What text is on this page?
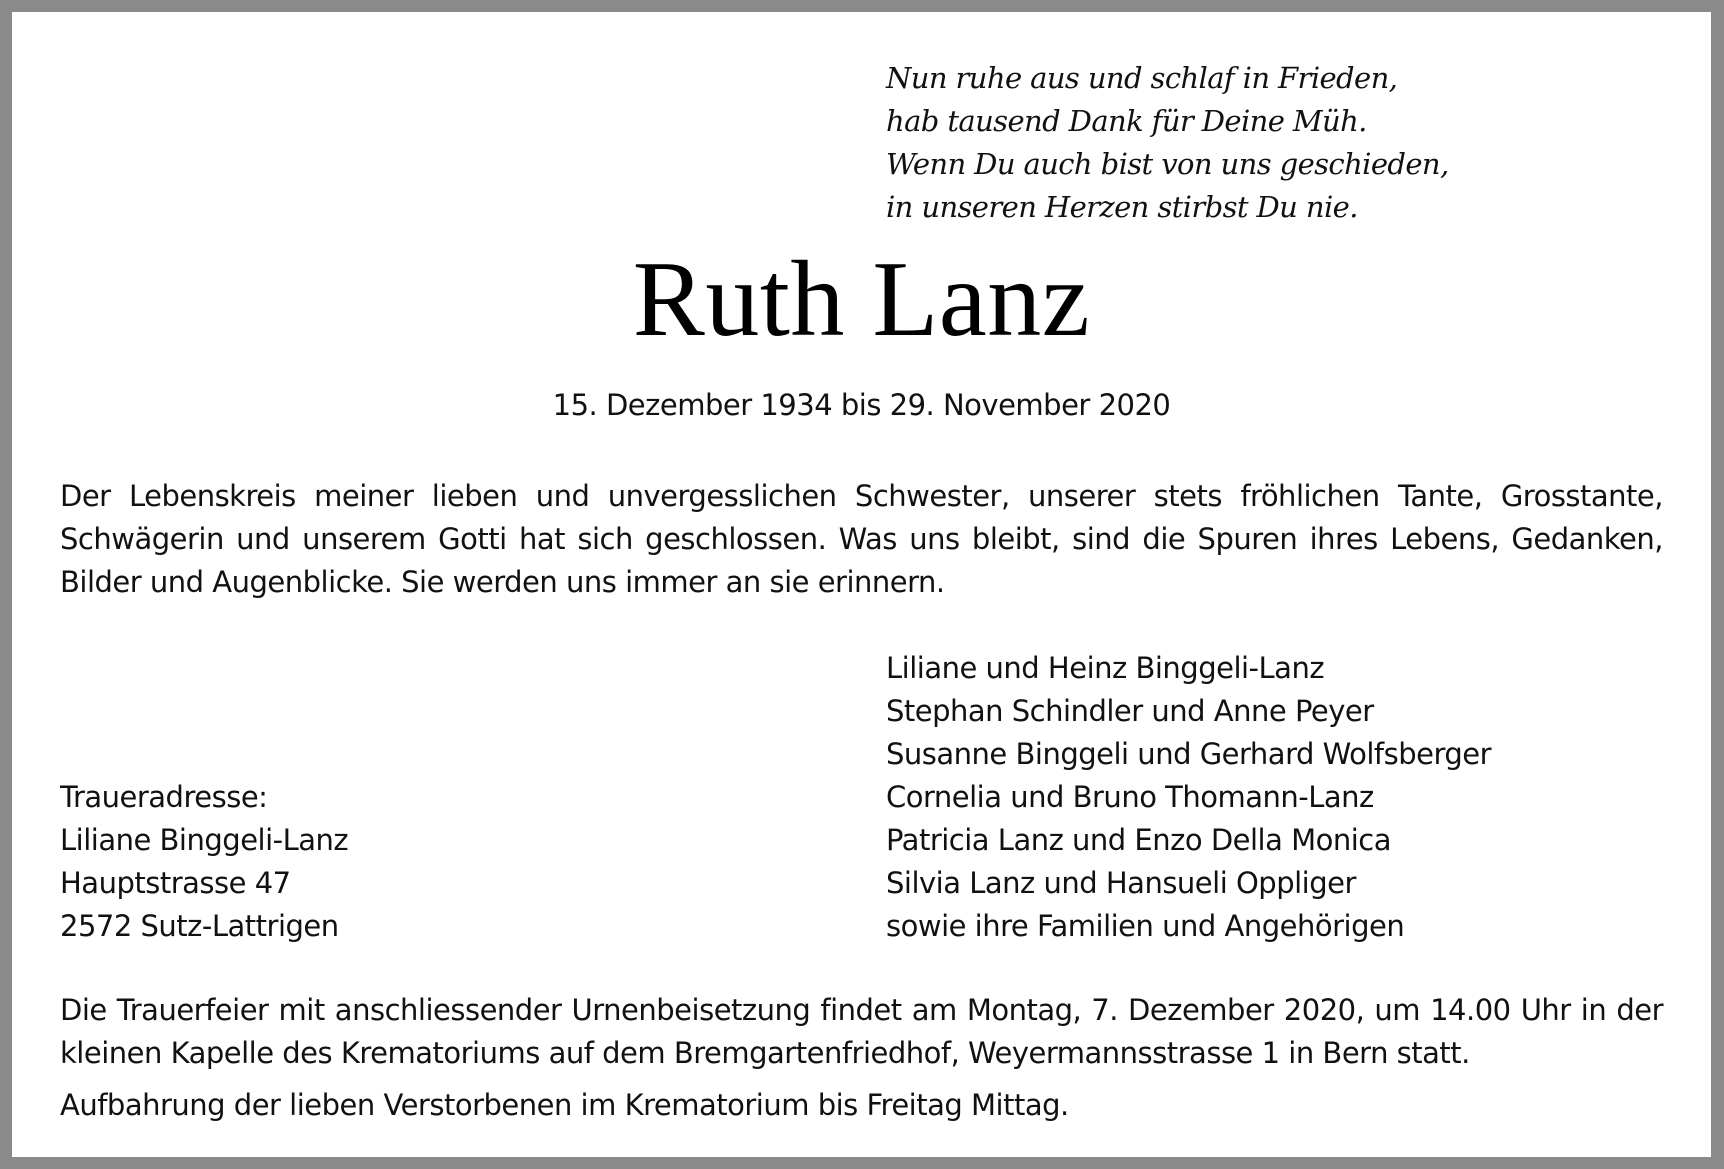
Nun ruhe aus und schlaf in Frieden,
hab tausend Dank für Deine Müh.
Wenn Du auch bist von uns geschieden,
in unseren Herzen stirbst Du nie.
Ruth Lanz
15. Dezember 1934 bis 29. November 2020
Der Lebenskreis meiner lieben und unvergesslichen Schwester, unserer stets fröhlichen Tante, Grosstante, Schwägerin und unserem Gotti hat sich geschlossen. Was uns bleibt, sind die Spuren ihres Lebens, Gedanken, Bilder und Augenblicke. Sie werden uns immer an sie erinnern.
Liliane und Heinz Binggeli-Lanz
Stephan Schindler und Anne Peyer
Susanne Binggeli und Gerhard Wolfsberger
Cornelia und Bruno Thomann-Lanz
Patricia Lanz und Enzo Della Monica
Silvia Lanz und Hansueli Oppliger
sowie ihre Familien und Angehörigen
Traueradresse:
Liliane Binggeli-Lanz
Hauptstrasse 47
2572 Sutz-Lattrigen
Die Trauerfeier mit anschliessender Urnenbeisetzung findet am Montag, 7. Dezember 2020, um 14.00 Uhr in der kleinen Kapelle des Krematoriums auf dem Bremgartenfriedhof, Weyermannsstrasse 1 in Bern statt.
Aufbahrung der lieben Verstorbenen im Krematorium bis Freitag Mittag.
